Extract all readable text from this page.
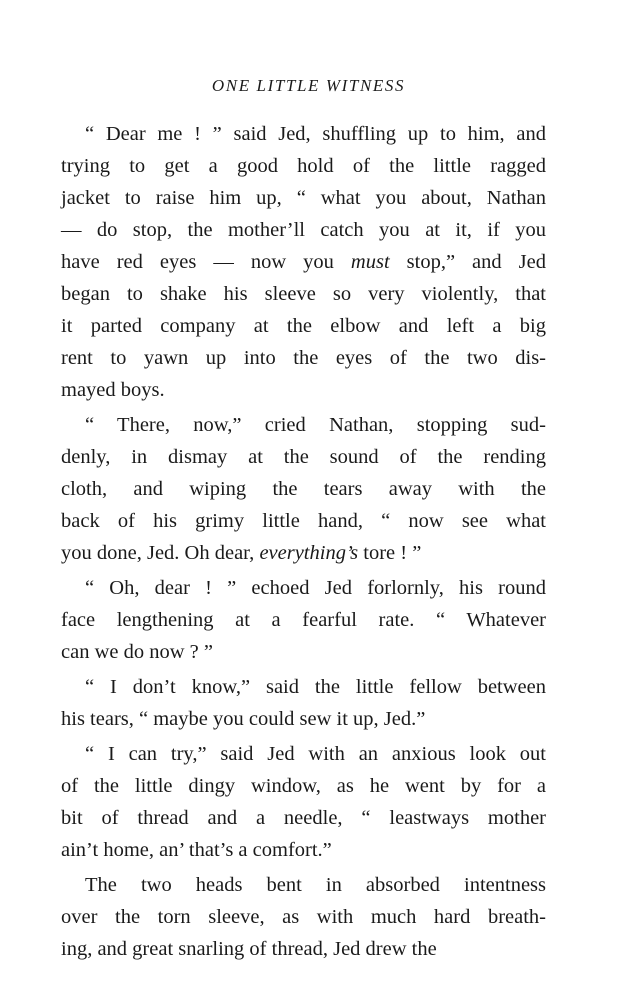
ONE LITTLE WITNESS
“ Dear me ! ” said Jed, shuffling up to him, and
trying to get a good hold of the little ragged
jacket to raise him up, “ what you about, Nathan
— do stop, the mother’ll catch you at it, if you
have red eyes — now you must stop,” and Jed
began to shake his sleeve so very violently, that
it parted company at the elbow and left a big
rent to yawn up into the eyes of the two dis-
mayed boys.
“ There, now,” cried Nathan, stopping sud-
denly, in dismay at the sound of the rending
cloth, and wiping the tears away with the
back of his grimy little hand, “ now see what
you done, Jed. Oh dear, everything’s tore ! ”
“ Oh, dear ! ” echoed Jed forlornly, his round
face lengthening at a fearful rate. “ Whatever
can we do now ? ”
“ I don’t know,” said the little fellow between
his tears, “ maybe you could sew it up, Jed.”
“ I can try,” said Jed with an anxious look out
of the little dingy window, as he went by for a
bit of thread and a needle, “ leastways mother
ain’t home, an’ that’s a comfort.”
The two heads bent in absorbed intentness
over the torn sleeve, as with much hard breath-
ing, and great snarling of thread, Jed drew the
